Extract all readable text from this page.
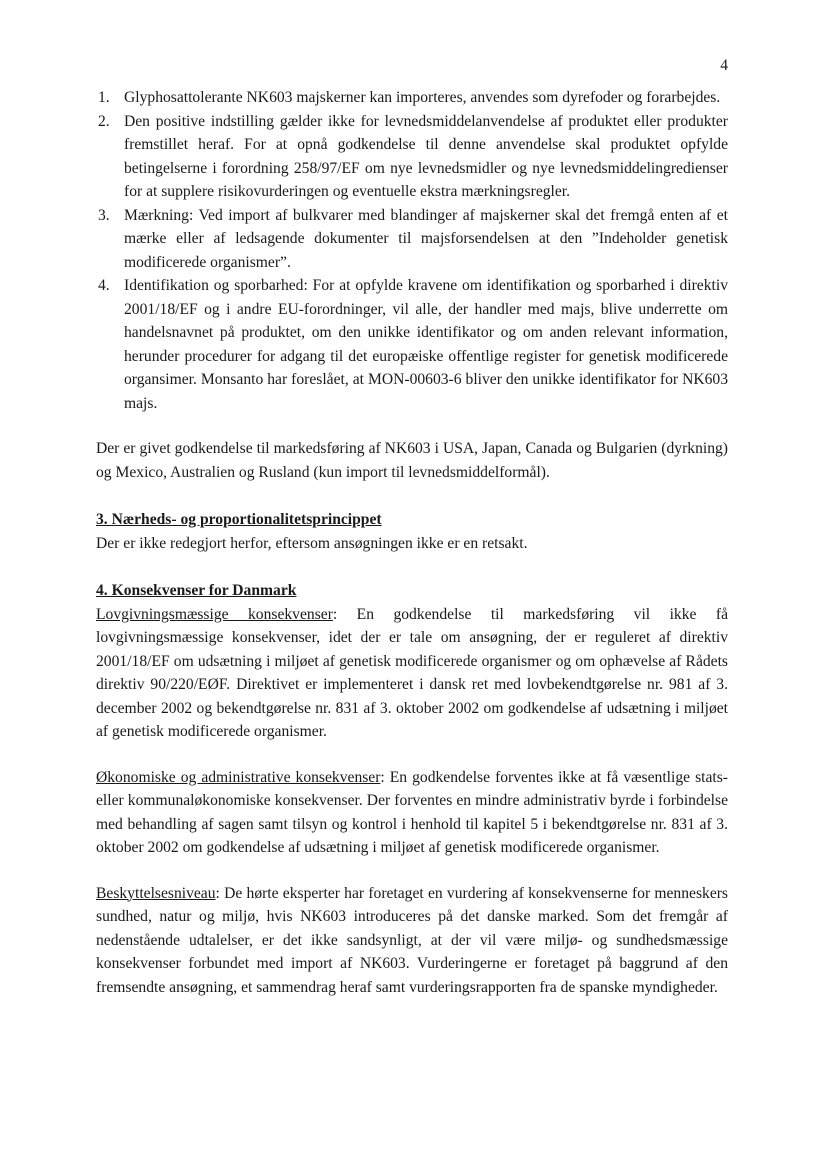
4
1. Glyphosattolerante NK603 majskerner kan importeres, anvendes som dyrefoder og forarbejdes.
2. Den positive indstilling gælder ikke for levnedsmiddelanvendelse af produktet eller produkter fremstillet heraf. For at opnå godkendelse til denne anvendelse skal produktet opfylde betingelserne i forordning 258/97/EF om nye levnedsmidler og nye levnedsmiddelingredienser for at supplere risikovurderingen og eventuelle ekstra mærkningsregler.
3. Mærkning: Ved import af bulkvarer med blandinger af majskerner skal det fremgå enten af et mærke eller af ledsagende dokumenter til majsforsendelsen at den ”Indeholder genetisk modificerede organismer”.
4. Identifikation og sporbarhed: For at opfylde kravene om identifikation og sporbarhed i direktiv 2001/18/EF og i andre EU-forordninger, vil alle, der handler med majs, blive underrette om handelsnavnet på produktet, om den unikke identifikator og om anden relevant information, herunder procedurer for adgang til det europæiske offentlige register for genetisk modificerede organsimer. Monsanto har foreslået, at MON-00603-6 bliver den unikke identifikator for NK603 majs.

Der er givet godkendelse til markedsføring af NK603 i USA, Japan, Canada og Bulgarien (dyrkning) og Mexico, Australien og Rusland (kun import til levnedsmiddelformål).

3. Nærheds- og proportionalitetsprincippet

Der er ikke redegjort herfor, eftersom ansøgningen ikke er en retsakt.

4. Konsekvenser for Danmark

Lovgivningsmæssige konsekvenser: En godkendelse til markedsføring vil ikke få lovgivningsmæssige konsekvenser, idet der er tale om ansøgning, der er reguleret af direktiv 2001/18/EF om udsætning i miljøet af genetisk modificerede organismer og om ophævelse af Rådets direktiv 90/220/EØF. Direktivet er implementeret i dansk ret med lovbekendtgørelse nr. 981 af 3. december 2002 og bekendtgørelse nr. 831 af 3. oktober 2002 om godkendelse af udsætning i miljøet af genetisk modificerede organismer.

Økonomiske og administrative konsekvenser: En godkendelse forventes ikke at få væsentlige stats- eller kommunaløkonomiske konsekvenser. Der forventes en mindre administrativ byrde i forbindelse med behandling af sagen samt tilsyn og kontrol i henhold til kapitel 5 i bekendtgørelse nr. 831 af 3. oktober 2002 om godkendelse af udsætning i miljøet af genetisk modificerede organismer.

Beskyttelsesniveau: De hørte eksperter har foretaget en vurdering af konsekvenserne for menneskers sundhed, natur og miljø, hvis NK603 introduceres på det danske marked. Som det fremgår af nedenstående udtalelser, er det ikke sandsynligt, at der vil være miljø- og sundhedsmæssige konsekvenser forbundet med import af NK603. Vurderingerne er foretaget på baggrund af den fremsendte ansøgning, et sammendrag heraf samt vurderingsrapporten fra de spanske myndigheder.
